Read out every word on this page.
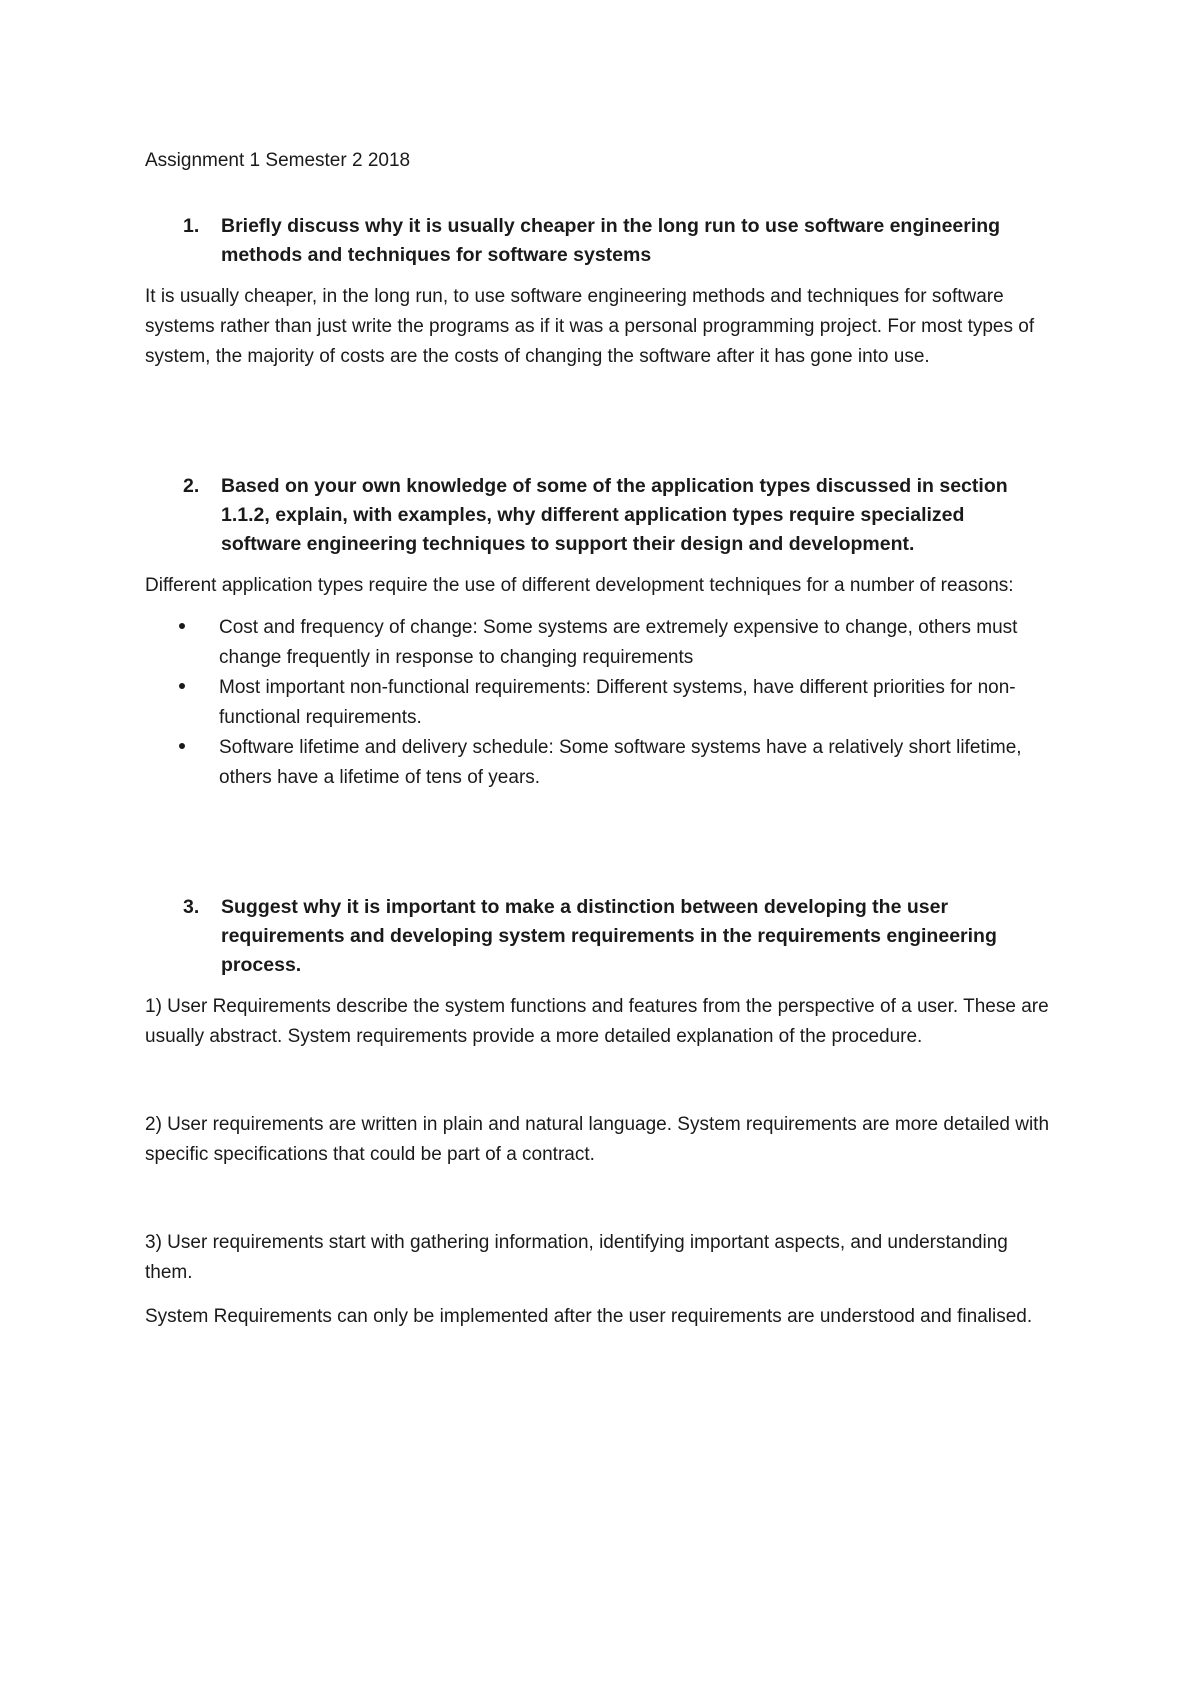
Assignment 1 Semester 2 2018
1.	Briefly discuss why it is usually cheaper in the long run to use software engineering methods and techniques for software systems

It is usually cheaper, in the long run, to use software engineering methods and techniques for software systems rather than just write the programs as if it was a personal programming project. For most types of system, the majority of costs are the costs of changing the software after it has gone into use.

2.	Based on your own knowledge of some of the application types discussed in section 1.1.2, explain, with examples, why different application types require specialized software engineering techniques to support their design and development.

Different application types require the use of different development techniques for a number of reasons:

Cost and frequency of change: Some systems are extremely expensive to change, others must change frequently in response to changing requirements
Most important non-functional requirements: Different systems, have different priorities for non-functional requirements.
Software lifetime and delivery schedule: Some software systems have a relatively short lifetime, others have a lifetime of tens of years.
3.	Suggest why it is important to make a distinction between developing the user requirements and developing system requirements in the requirements engineering process.

1) User Requirements describe the system functions and features from the perspective of a user. These are usually abstract. System requirements provide a more detailed explanation of the procedure.

2) User requirements are written in plain and natural language. System requirements are more detailed with specific specifications that could be part of a contract.

3) User requirements start with gathering information, identifying important aspects, and understanding them.

System Requirements can only be implemented after the user requirements are understood and finalised.
